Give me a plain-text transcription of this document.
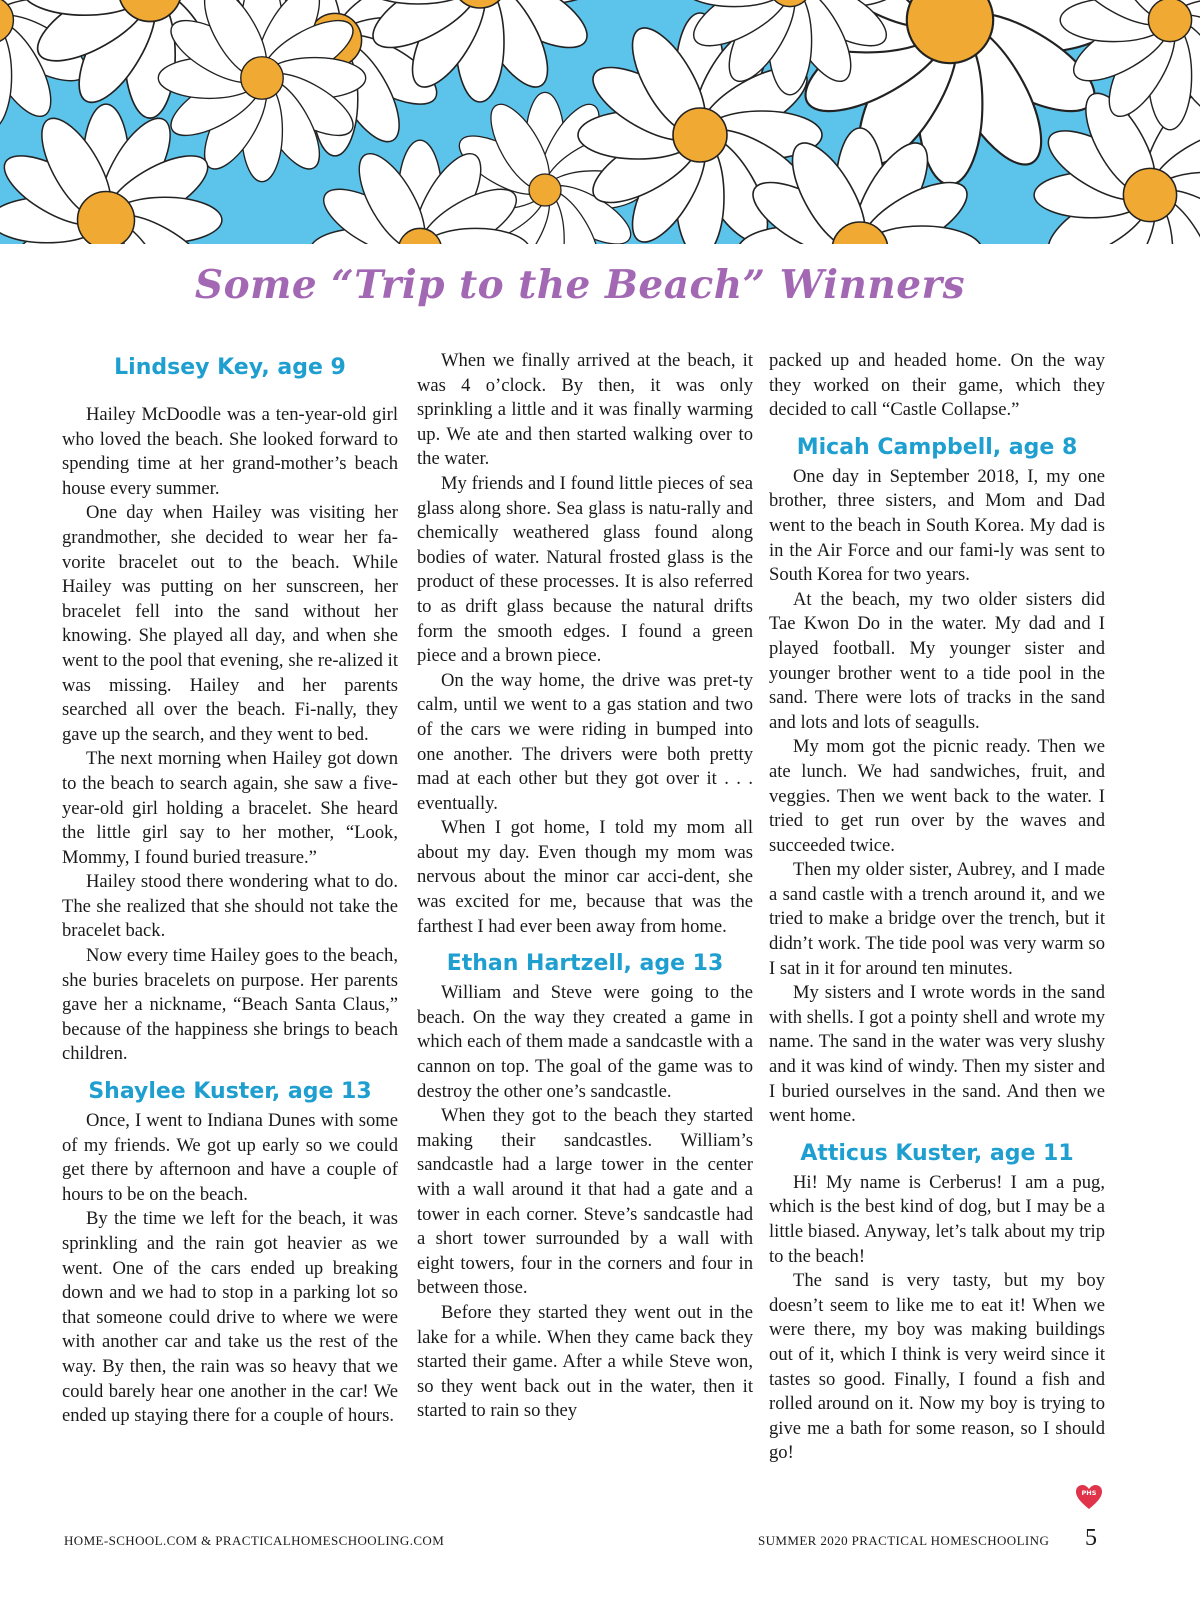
Some “Trip to the Beach” Winners
Lindsey Key, age 9

Hailey McDoodle was a ten-year-old girl who loved the beach. She looked forward to spending time at her grand-mother’s beach house every summer.

One day when Hailey was visiting her grandmother, she decided to wear her fa-vorite bracelet out to the beach. While Hailey was putting on her sunscreen, her bracelet fell into the sand without her knowing. She played all day, and when she went to the pool that evening, she re-alized it was missing. Hailey and her parents searched all over the beach. Fi-nally, they gave up the search, and they went to bed.

The next morning when Hailey got down to the beach to search again, she saw a five-year-old girl holding a bracelet. She heard the little girl say to her mother, “Look, Mommy, I found buried treasure.”

Hailey stood there wondering what to do. The she realized that she should not take the bracelet back.

Now every time Hailey goes to the beach, she buries bracelets on purpose. Her parents gave her a nickname, “Beach Santa Claus,” because of the happiness she brings to beach children.

Shaylee Kuster, age 13

Once, I went to Indiana Dunes with some of my friends. We got up early so we could get there by afternoon and have a couple of hours to be on the beach.

By the time we left for the beach, it was sprinkling and the rain got heavier as we went. One of the cars ended up breaking down and we had to stop in a parking lot so that someone could drive to where we were with another car and take us the rest of the way. By then, the rain was so heavy that we could barely hear one another in the car! We ended up staying there for a couple of hours.

When we finally arrived at the beach, it was 4 o’clock. By then, it was only sprinkling a little and it was finally warming up. We ate and then started walking over to the water.

My friends and I found little pieces of sea glass along shore. Sea glass is natu-rally and chemically weathered glass found along bodies of water. Natural frosted glass is the product of these processes. It is also referred to as drift glass because the natural drifts form the smooth edges. I found a green piece and a brown piece.

On the way home, the drive was pret-ty calm, until we went to a gas station and two of the cars we were riding in bumped into one another. The drivers were both pretty mad at each other but they got over it . . . eventually.

When I got home, I told my mom all about my day. Even though my mom was nervous about the minor car acci-dent, she was excited for me, because that was the farthest I had ever been away from home.

Ethan Hartzell, age 13

William and Steve were going to the beach. On the way they created a game in which each of them made a sandcastle with a cannon on top. The goal of the game was to destroy the other one’s sandcastle.

When they got to the beach they started making their sandcastles. William’s sandcastle had a large tower in the center with a wall around it that had a gate and a tower in each corner. Steve’s sandcastle had a short tower surrounded by a wall with eight towers, four in the corners and four in between those.

Before they started they went out in the lake for a while. When they came back they started their game. After a while Steve won, so they went back out in the water, then it started to rain so they

packed up and headed home. On the way they worked on their game, which they decided to call “Castle Collapse.”

Micah Campbell, age 8

One day in September 2018, I, my one brother, three sisters, and Mom and Dad went to the beach in South Korea. My dad is in the Air Force and our fami-ly was sent to South Korea for two years.

At the beach, my two older sisters did Tae Kwon Do in the water. My dad and I played football. My younger sister and younger brother went to a tide pool in the sand. There were lots of tracks in the sand and lots and lots of seagulls.

My mom got the picnic ready. Then we ate lunch. We had sandwiches, fruit, and veggies. Then we went back to the water. I tried to get run over by the waves and succeeded twice.

Then my older sister, Aubrey, and I made a sand castle with a trench around it, and we tried to make a bridge over the trench, but it didn’t work. The tide pool was very warm so I sat in it for around ten minutes.

My sisters and I wrote words in the sand with shells. I got a pointy shell and wrote my name. The sand in the water was very slushy and it was kind of windy. Then my sister and I buried ourselves in the sand. And then we went home.

Atticus Kuster, age 11

Hi! My name is Cerberus! I am a pug, which is the best kind of dog, but I may be a little biased. Anyway, let’s talk about my trip to the beach!

The sand is very tasty, but my boy doesn’t seem to like me to eat it! When we were there, my boy was making buildings out of it, which I think is very weird since it tastes so good. Finally, I found a fish and rolled around on it. Now my boy is trying to give me a bath for some reason, so I should go!

PHS
HOME-SCHOOL.COM & PRACTICALHOMESCHOOLING.COM	SUMMER 2020 PRACTICAL HOMESCHOOLING 5
